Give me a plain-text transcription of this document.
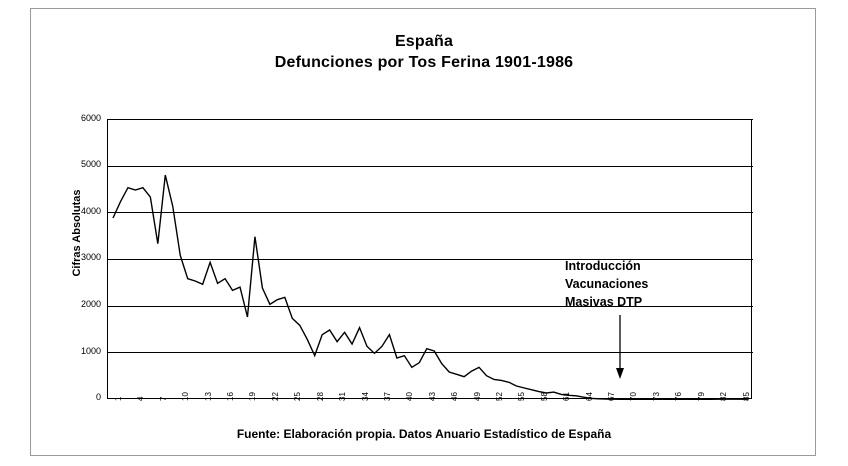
España
Defunciones por Tos Ferina 1901-1986
Cifras Absolutas
6000
5000
4000
3000
2000
1000
0 1 4 7 10 13 16 19 22 25 28 31 34 37 40 43 46 49 52 55 58 61 64 67 70 73 76 79 82 85
Introducción
Vacunaciones
Masivas DTP
Fuente: Elaboración propia. Datos Anuario Estadístico de España
